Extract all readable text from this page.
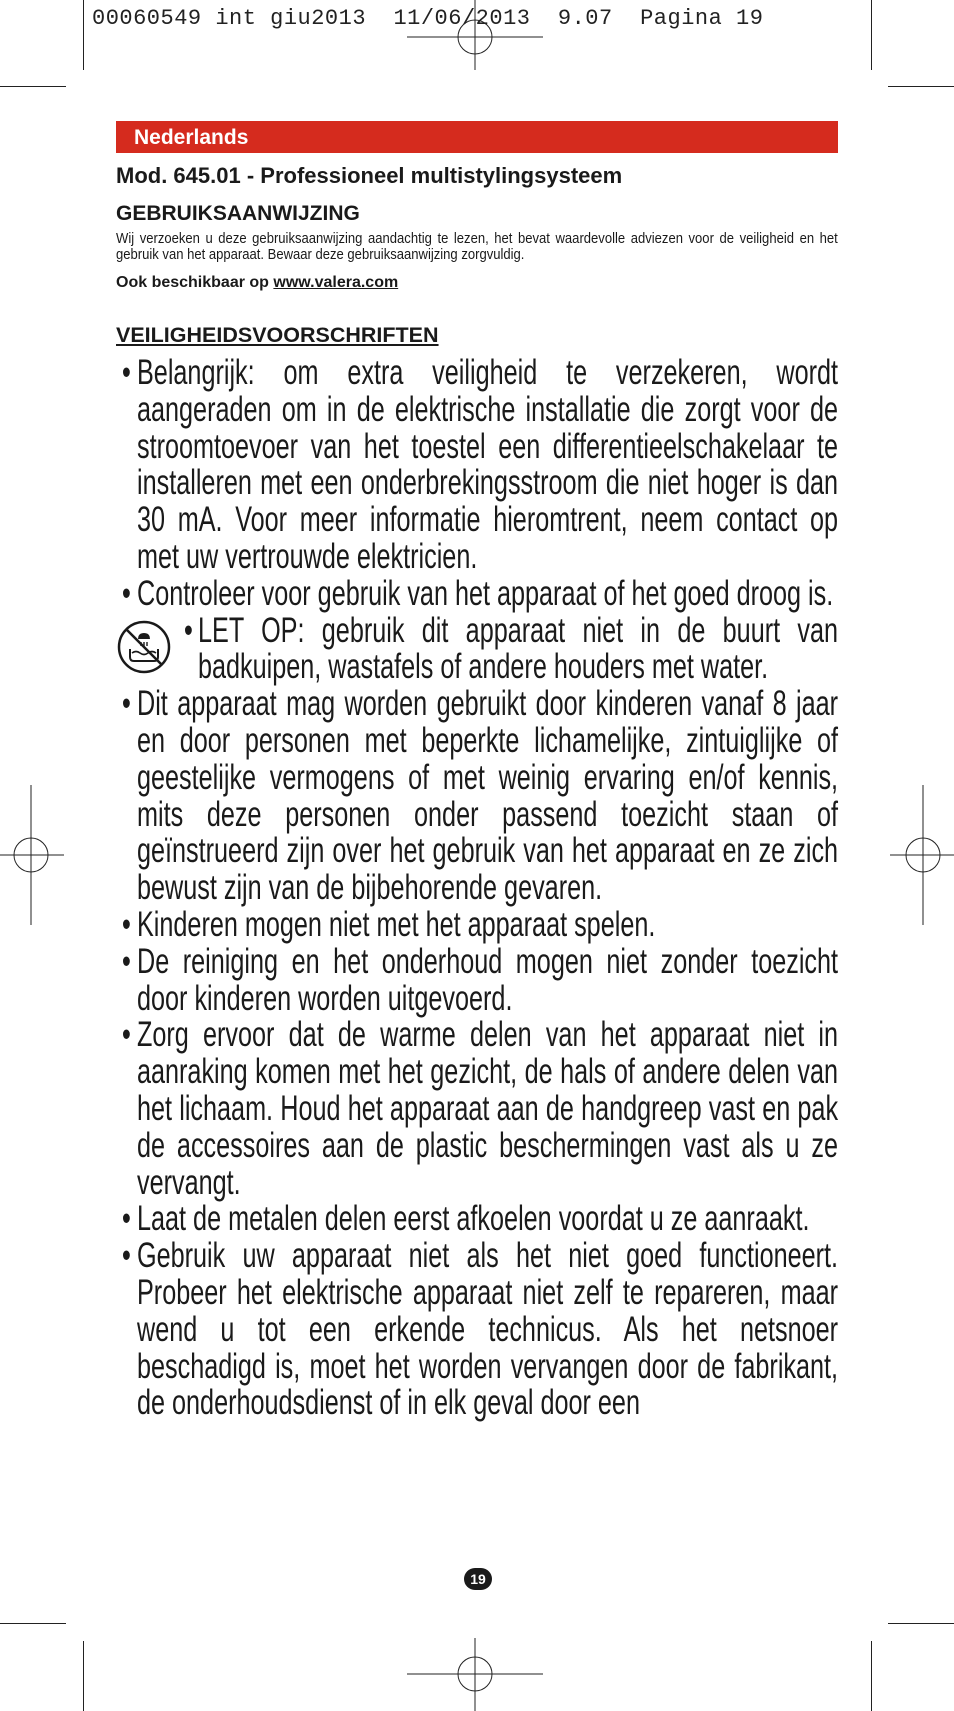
00060549 int giu2013  11/06/2013  9.07  Pagina 19
Nederlands
Mod. 645.01 - Professioneel multistylingsysteem
GEBRUIKSAANWIJZING
Wij verzoeken u deze gebruiksaanwijzing aandachtig te lezen, het bevat waardevolle adviezen voor de veiligheid en het gebruik van het apparaat. Bewaar deze gebruiksaanwijzing zorgvuldig.
Ook beschikbaar op www.valera.com
VEILIGHEIDSVOORSCHRIFTEN
• Belangrijk: om extra veiligheid te verzekeren, wordt aangeraden om in de elektrische installatie die zorgt voor de stroomtoevoer van het toestel een differentieelschakelaar te installeren met een onderbrekingsstroom die niet hoger is dan 30 mA. Voor meer informatie hieromtrent, neem contact op met uw vertrouwde elektricien.
• Controleer voor gebruik van het apparaat of het goed droog is.
• LET OP: gebruik dit apparaat niet in de buurt van badkuipen, wastafels of andere houders met water.
• Dit apparaat mag worden gebruikt door kinderen vanaf 8 jaar en door personen met beperkte lichamelijke, zintuiglijke of geestelijke vermogens of met weinig ervaring en/of kennis, mits deze personen onder passend toezicht staan of geïnstrueerd zijn over het gebruik van het apparaat en ze zich bewust zijn van de bijbehorende gevaren.
• Kinderen mogen niet met het apparaat spelen.
• De reiniging en het onderhoud mogen niet zonder toezicht door kinderen worden uitgevoerd.
• Zorg ervoor dat de warme delen van het apparaat niet in aanraking komen met het gezicht, de hals of andere delen van het lichaam. Houd het apparaat aan de handgreep vast en pak de accessoires aan de plastic beschermingen vast als u ze vervangt.
• Laat de metalen delen eerst afkoelen voordat u ze aanraakt.
• Gebruik uw apparaat niet als het niet goed functioneert. Probeer het elektrische apparaat niet zelf te repareren, maar wend u tot een erkende technicus. Als het netsnoer beschadigd is, moet het worden vervangen door de fabrikant, de onderhoudsdienst of in elk geval door een
19
